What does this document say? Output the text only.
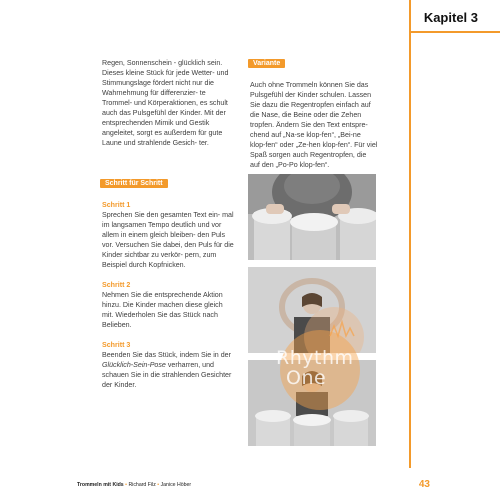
Kapitel 3

Regen, Sonnenschein - glücklich sein. Dieses kleine Stück für jede Wetter- und Stimmungslage fördert nicht nur die Wahrnehmung für differenzier- te Trommel- und Körperaktionen, es schult auch das Pulsgefühl der Kinder. Mit der entsprechenden Mimik und Gestik angeleitet, sorgt es außerdem für gute Laune und strahlende Gesich- ter.

Schritt für Schritt

Schritt 1

Sprechen Sie den gesamten Text ein- mal im langsamen Tempo deutlich und vor allem in einem gleich bleiben- den Puls vor. Versuchen Sie dabei, den Puls für die Kinder sichtbar zu verkör- pern, zum Beispiel durch Kopfnicken.

Schritt 2

Nehmen Sie die entsprechende Aktion hinzu. Die Kinder machen diese gleich mit. Wiederholen Sie das Stück nach Belieben.

Schritt 3

Beenden Sie das Stück, indem Sie in der Glücklich-Sein-Pose verharren, und schauen Sie in die strahlenden Gesichter der Kinder.

Variante

Auch ohne Trommeln können Sie das Pulsgefühl der Kinder schulen. Lassen Sie dazu die Regentropfen einfach auf die Nase, die Beine oder die Zehen tropfen. Ändern Sie den Text entspre- chend auf „Na-se klop-fen“, „Bei-ne klop-fen“ oder „Ze-hen klop-fen“. Für viel Spaß sorgen auch Regentropfen, die auf den „Po-Po klop-fen“.

Rhythm
One
Trommeln mit Kids • Richard Filz • Janice Höber	43
